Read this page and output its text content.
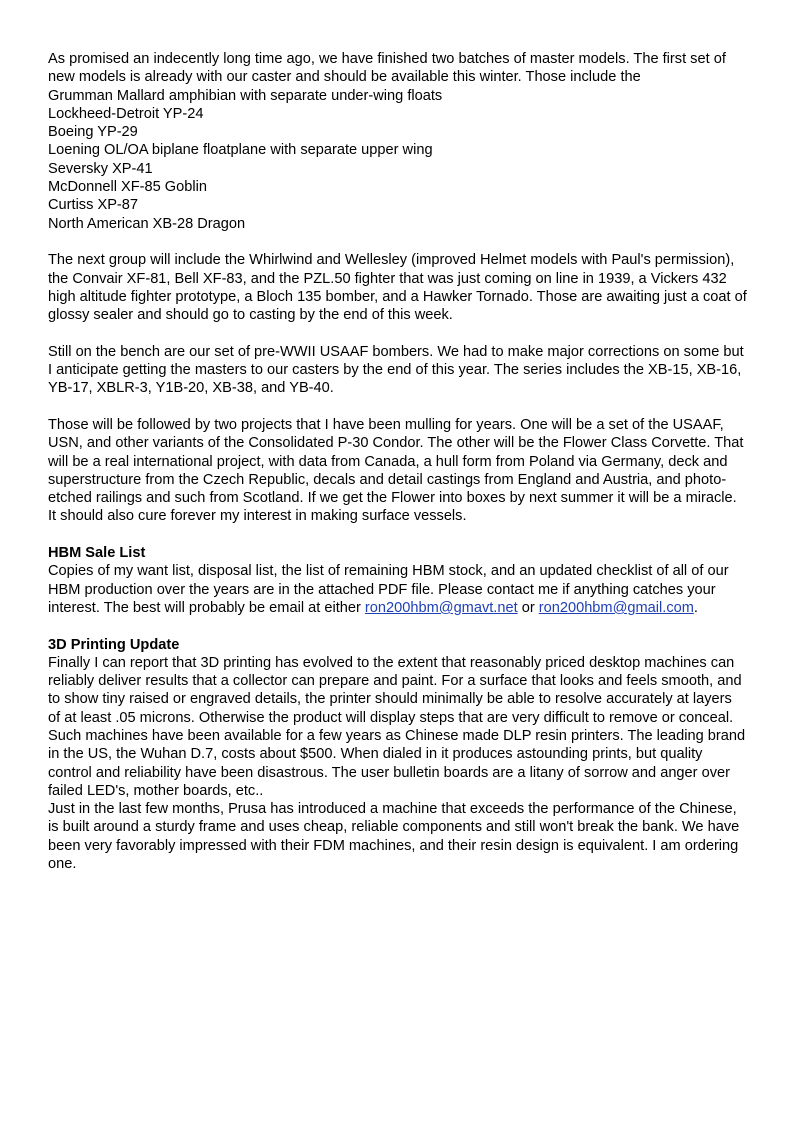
As promised an indecently long time ago, we have finished two batches of master models. The first set of new models is already with our caster and should be available this winter. Those include the
Grumman Mallard amphibian with separate under-wing floats
Lockheed-Detroit YP-24
Boeing YP-29
Loening OL/OA biplane floatplane with separate upper wing
Seversky XP-41
McDonnell XF-85 Goblin
Curtiss XP-87
North American XB-28 Dragon

The next group will include the Whirlwind and Wellesley (improved Helmet models with Paul's permission), the Convair XF-81, Bell XF-83, and the PZL.50 fighter that was just coming on line in 1939, a Vickers 432 high altitude fighter prototype, a Bloch 135 bomber, and a Hawker Tornado. Those are awaiting just a coat of glossy sealer and should go to casting by the end of this week.

Still on the bench are our set of pre-WWII USAAF bombers. We had to make major corrections on some but I anticipate getting the masters to our casters by the end of this year. The series includes the XB-15, XB-16, YB-17, XBLR-3, Y1B-20, XB-38, and YB-40.

Those will be followed by two projects that I have been mulling for years. One will be a set of the USAAF, USN, and other variants of the Consolidated P-30 Condor. The other will be the Flower Class Corvette. That will be a real international project, with data from Canada, a hull form from Poland via Germany, deck and superstructure from the Czech Republic, decals and detail castings from England and Austria, and photo-etched railings and such from Scotland. If we get the Flower into boxes by next summer it will be a miracle. It should also cure forever my interest in making surface vessels.

HBM Sale List
Copies of my want list, disposal list, the list of remaining HBM stock, and an updated checklist of all of our HBM production over the years are in the attached PDF file. Please contact me if anything catches your interest. The best will probably be email at either ron200hbm@gmavt.net or ron200hbm@gmail.com.
3D Printing Update
Finally I can report that 3D printing has evolved to the extent that reasonably priced desktop machines can reliably deliver results that a collector can prepare and paint. For a surface that looks and feels smooth, and to show tiny raised or engraved details, the printer should minimally be able to resolve accurately at layers of at least .05 microns. Otherwise the product will display steps that are very difficult to remove or conceal. Such machines have been available for a few years as Chinese made DLP resin printers. The leading brand in the US, the Wuhan D.7, costs about $500. When dialed in it produces astounding prints, but quality control and reliability have been disastrous. The user bulletin boards are a litany of sorrow and anger over failed LED's, mother boards, etc..
Just in the last few months, Prusa has introduced a machine that exceeds the performance of the Chinese, is built around a sturdy frame and uses cheap, reliable components and still won't break the bank. We have been very favorably impressed with their FDM machines, and their resin design is equivalent. I am ordering one.
